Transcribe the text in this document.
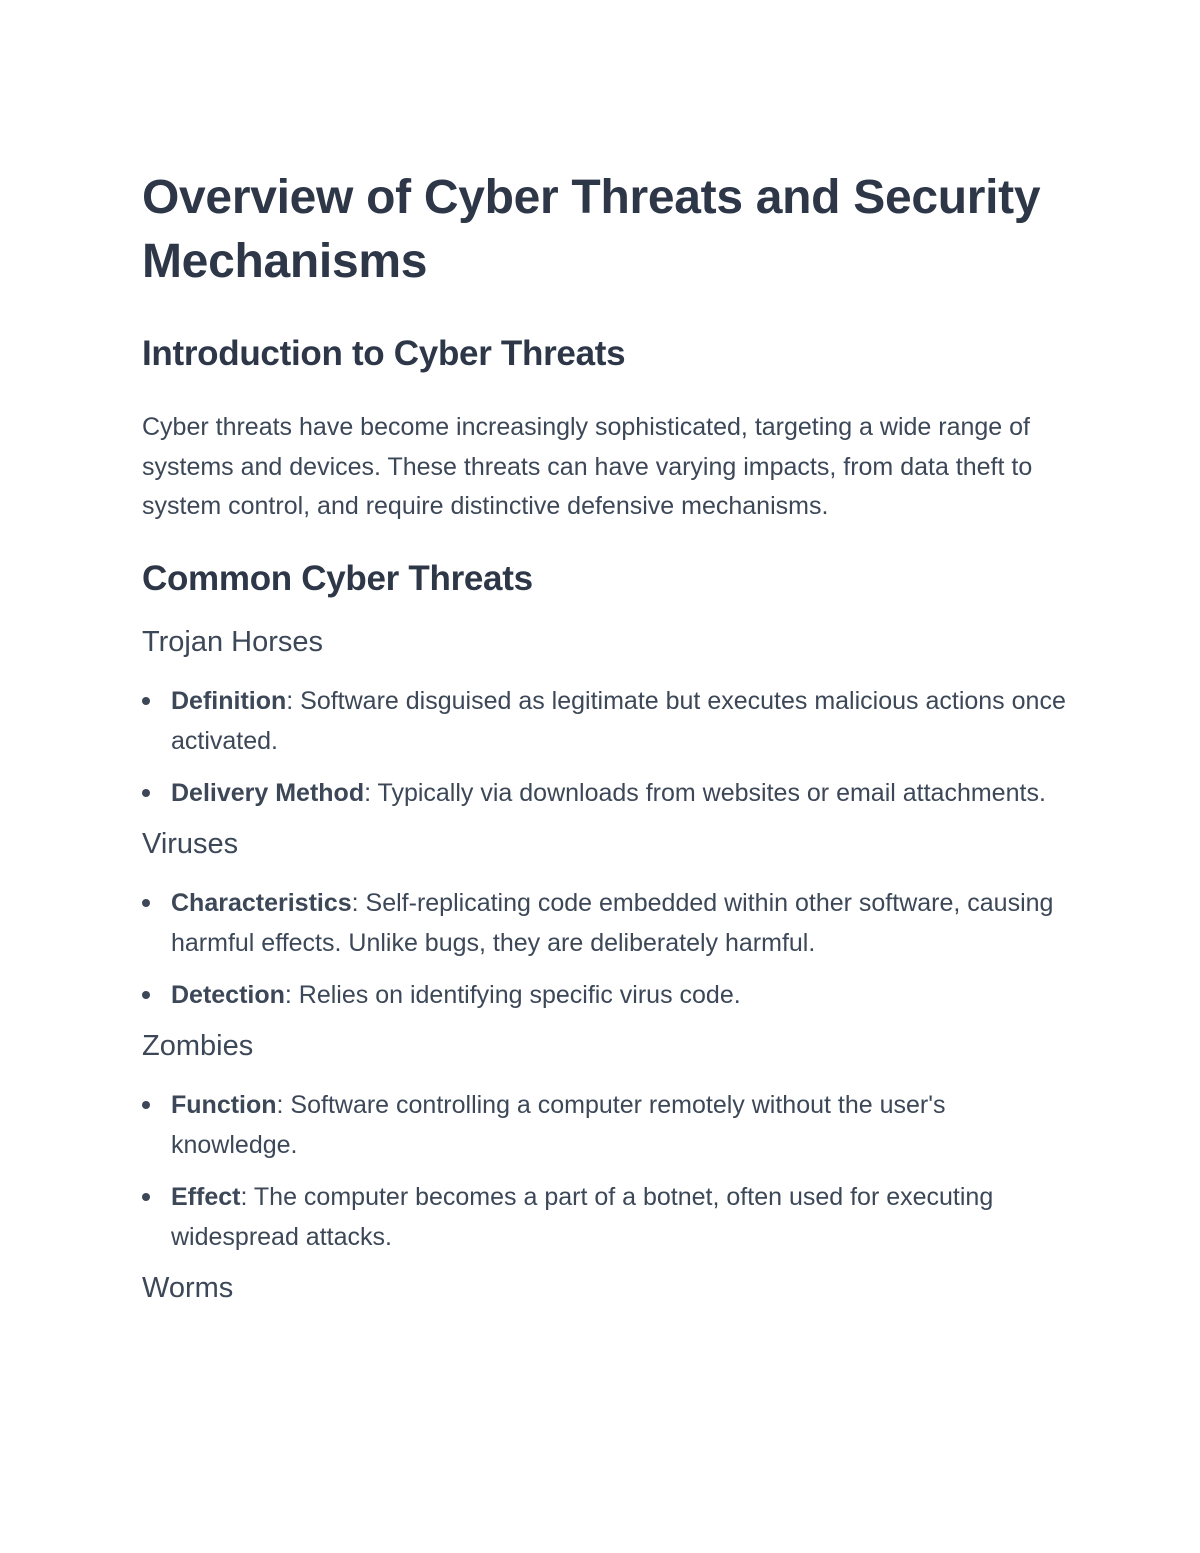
Overview of Cyber Threats and Security Mechanisms
Introduction to Cyber Threats

Cyber threats have become increasingly sophisticated, targeting a wide range of systems and devices. These threats can have varying impacts, from data theft to system control, and require distinctive defensive mechanisms.

Common Cyber Threats
Trojan Horses
Definition: Software disguised as legitimate but executes malicious actions once activated.
Delivery Method: Typically via downloads from websites or email attachments.
Viruses
Characteristics: Self-replicating code embedded within other software, causing harmful effects. Unlike bugs, they are deliberately harmful.
Detection: Relies on identifying specific virus code.
Zombies
Function: Software controlling a computer remotely without the user's knowledge.
Effect: The computer becomes a part of a botnet, often used for executing widespread attacks.
Worms
